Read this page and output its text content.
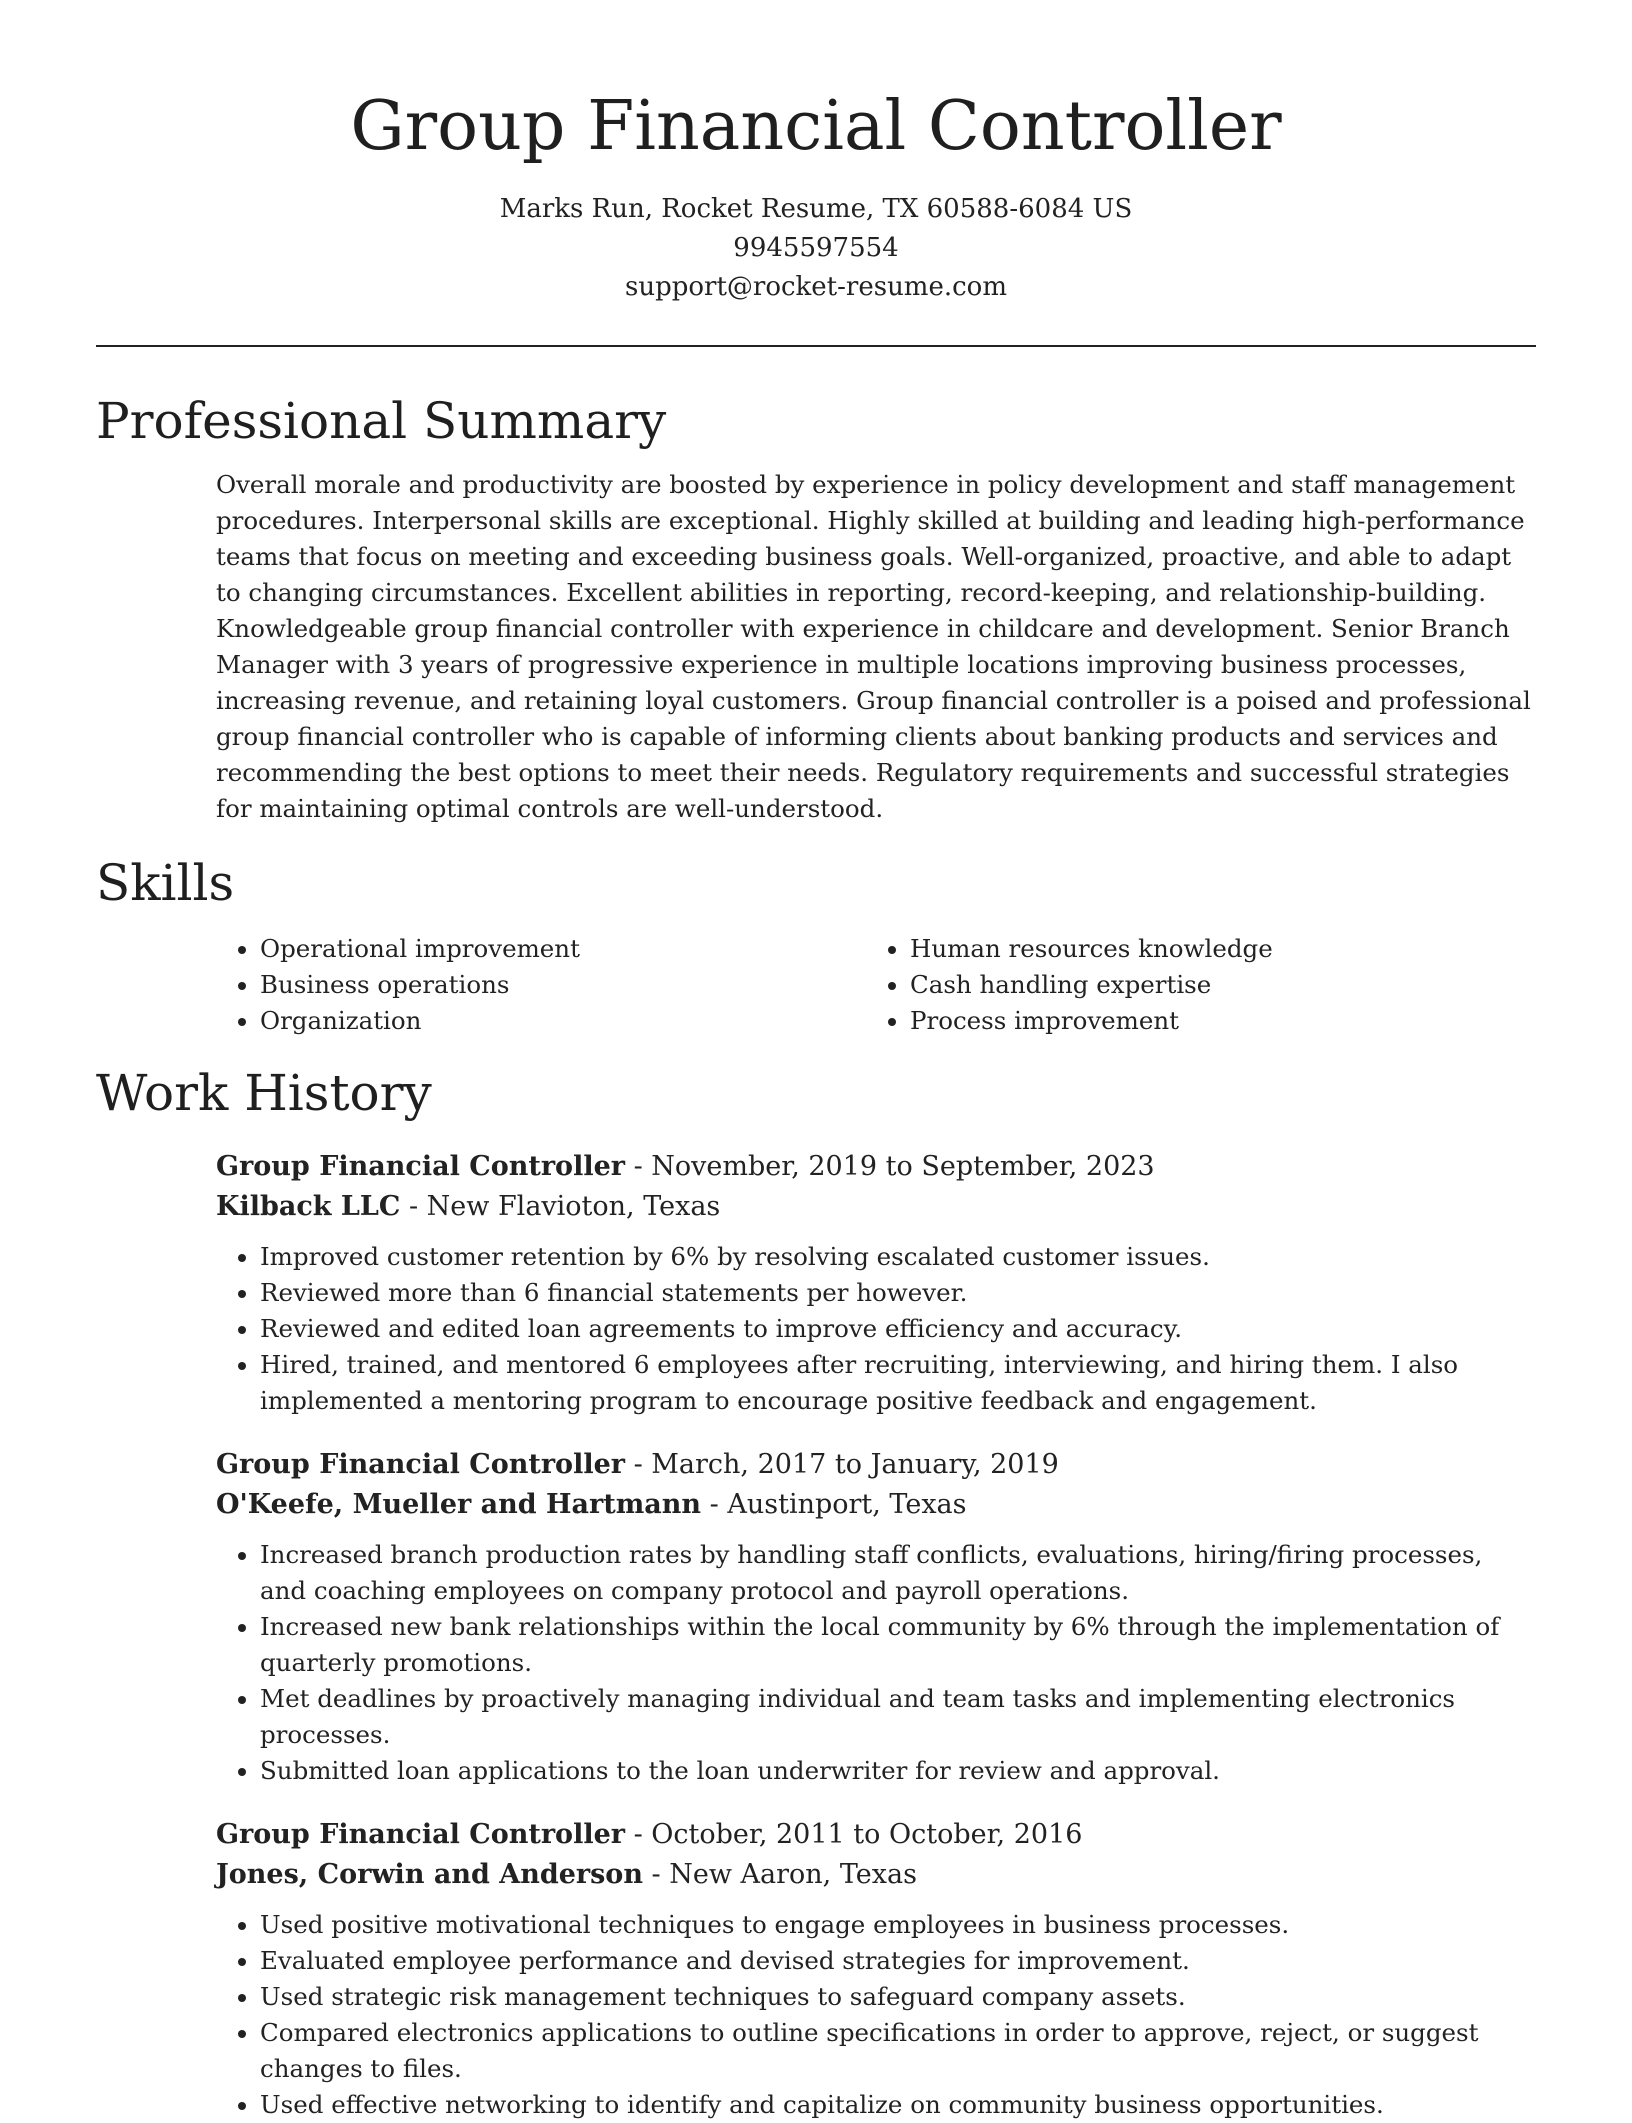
Group Financial Controller
Marks Run, Rocket Resume, TX 60588-6084 US
9945597554
support@rocket-resume.com
Professional Summary

Overall morale and productivity are boosted by experience in policy development and staff management procedures. Interpersonal skills are exceptional. Highly skilled at building and leading high-performance teams that focus on meeting and exceeding business goals. Well-organized, proactive, and able to adapt to changing circumstances. Excellent abilities in reporting, record-keeping, and relationship-building. Knowledgeable group financial controller with experience in childcare and development. Senior Branch Manager with 3 years of progressive experience in multiple locations improving business processes, increasing revenue, and retaining loyal customers. Group financial controller is a poised and professional group financial controller who is capable of informing clients about banking products and services and recommending the best options to meet their needs. Regulatory requirements and successful strategies for maintaining optimal controls are well-understood.

Skills
• Operational improvement
• Business operations
• Organization
• Human resources knowledge
• Cash handling expertise
• Process improvement
Work History
Group Financial Controller - November, 2019 to September, 2023
Kilback LLC - New Flavioton, Texas
• Improved customer retention by 6% by resolving escalated customer issues.
• Reviewed more than 6 financial statements per however.
• Reviewed and edited loan agreements to improve efficiency and accuracy.
• Hired, trained, and mentored 6 employees after recruiting, interviewing, and hiring them. I also implemented a mentoring program to encourage positive feedback and engagement.
Group Financial Controller - March, 2017 to January, 2019
O'Keefe, Mueller and Hartmann - Austinport, Texas
• Increased branch production rates by handling staff conflicts, evaluations, hiring/firing processes, and coaching employees on company protocol and payroll operations.
• Increased new bank relationships within the local community by 6% through the implementation of quarterly promotions.
• Met deadlines by proactively managing individual and team tasks and implementing electronics processes.
• Submitted loan applications to the loan underwriter for review and approval.
Group Financial Controller - October, 2011 to October, 2016
Jones, Corwin and Anderson - New Aaron, Texas
• Used positive motivational techniques to engage employees in business processes.
• Evaluated employee performance and devised strategies for improvement.
• Used strategic risk management techniques to safeguard company assets.
• Compared electronics applications to outline specifications in order to approve, reject, or suggest changes to files.
• Used effective networking to identify and capitalize on community business opportunities.
